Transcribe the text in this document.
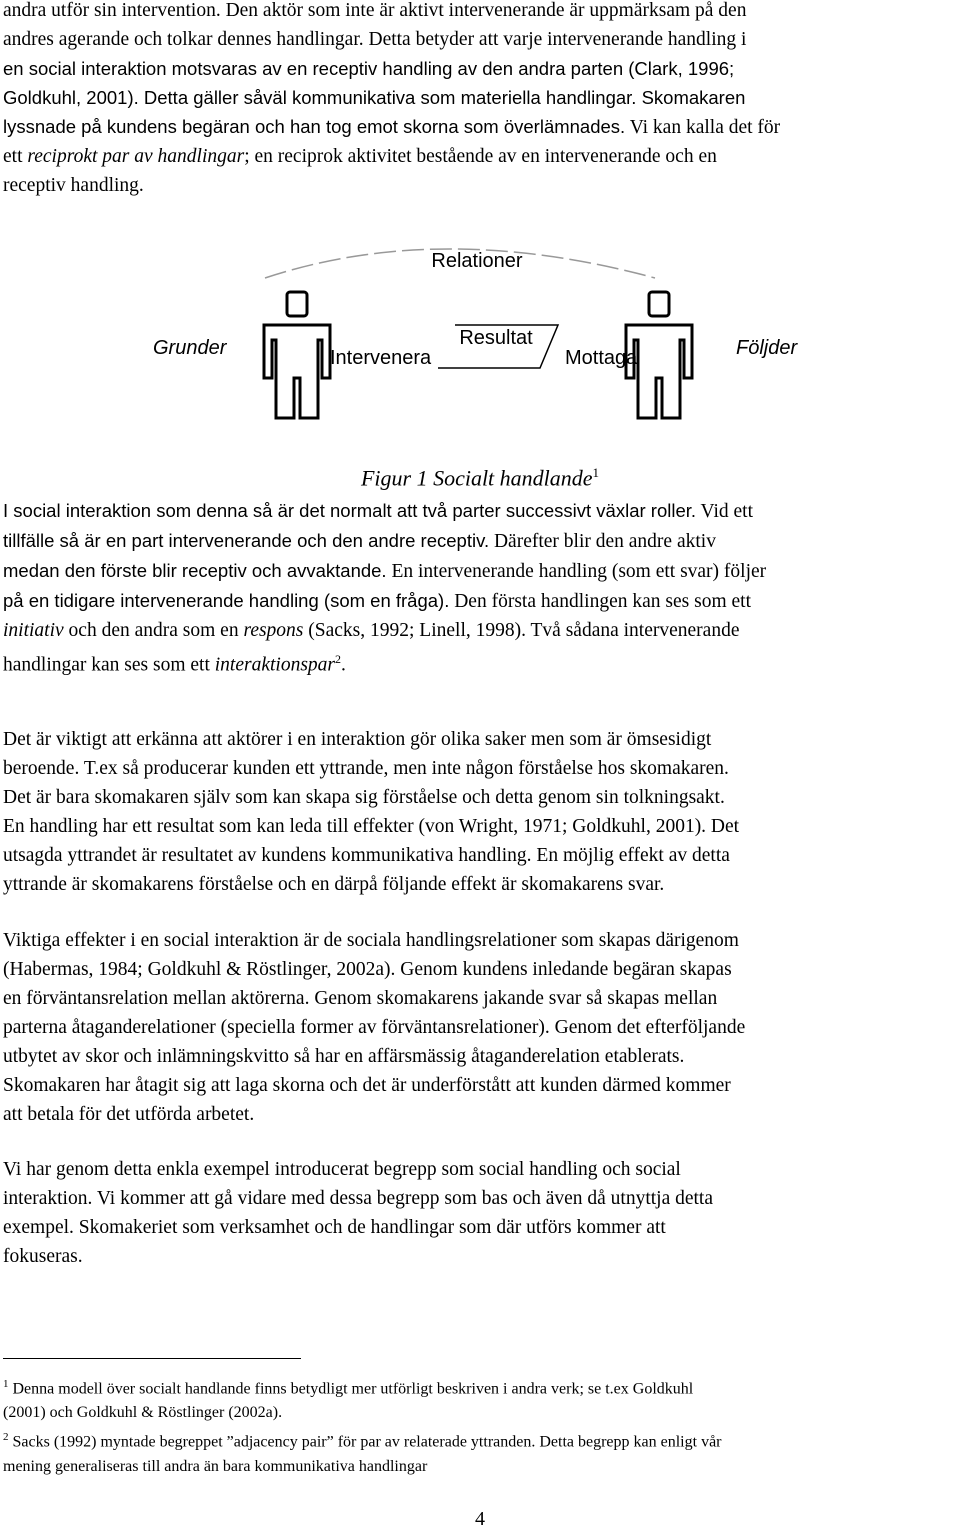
andra utför sin intervention. Den aktör som inte är aktivt intervenerande är uppmärksam på den
andres agerande och tolkar dennes handlingar. Detta betyder att varje intervenerande handling i
en social interaktion motsvaras av en receptiv handling av den andra parten (Clark, 1996;
Goldkuhl, 2001). Detta gäller såväl kommunikativa som materiella handlingar. Skomakaren
lyssnade på kundens begäran och han tog emot skorna som överlämnades. Vi kan kalla det för
ett reciprokt par av handlingar; en reciprok aktivitet bestående av en intervenerande och en
receptiv handling.
Relationer
Grunder	Följder
Resultat
Intervenera	Mottaga
Figur 1 Socialt handlande$^1$
I social interaktion som denna så är det normalt att två parter successivt växlar roller. Vid ett
tillfälle så är en part intervenerande och den andre receptiv. Därefter blir den andre aktiv
medan den förste blir receptiv och avvaktande. En intervenerande handling (som ett svar) följer
på en tidigare intervenerande handling (som en fråga). Den första handlingen kan ses som ett
initiativ och den andra som en respons (Sacks, 1992; Linell, 1998). Två sådana intervenerande
handlingar kan ses som ett interaktionspar$^2$.
Det är viktigt att erkänna att aktörer i en interaktion gör olika saker men som är ömsesidigt
beroende. T.ex så producerar kunden ett yttrande, men inte någon förståelse hos skomakaren.
Det är bara skomakaren själv som kan skapa sig förståelse och detta genom sin tolkningsakt.
En handling har ett resultat som kan leda till effekter (von Wright, 1971; Goldkuhl, 2001). Det
utsagda yttrandet är resultatet av kundens kommunikativa handling. En möjlig effekt av detta
yttrande är skomakarens förståelse och en därpå följande effekt är skomakarens svar.
Viktiga effekter i en social interaktion är de sociala handlingsrelationer som skapas därigenom
(Habermas, 1984; Goldkuhl & Röstlinger, 2002a). Genom kundens inledande begäran skapas
en förväntansrelation mellan aktörerna. Genom skomakarens jakande svar så skapas mellan
parterna åtaganderelationer (speciella former av förväntansrelationer). Genom det efterföljande
utbytet av skor och inlämningskvitto så har en affärsmässig åtaganderelation etablerats.
Skomakaren har åtagit sig att laga skorna och det är underförstått att kunden därmed kommer
att betala för det utförda arbetet.
Vi har genom detta enkla exempel introducerat begrepp som social handling och social
interaktion. Vi kommer att gå vidare med dessa begrepp som bas och även då utnyttja detta
exempel. Skomakeriet som verksamhet och de handlingar som där utförs kommer att
fokuseras.
$^1$ Denna modell över socialt handlande finns betydligt mer utförligt beskriven i andra verk; se t.ex Goldkuhl
(2001) och Goldkuhl & Röstlinger (2002a).
$^2$ Sacks (1992) myntade begreppet ”adjacency pair” för par av relaterade yttranden. Detta begrepp kan enligt vår
mening generaliseras till andra än bara kommunikativa handlingar
4
